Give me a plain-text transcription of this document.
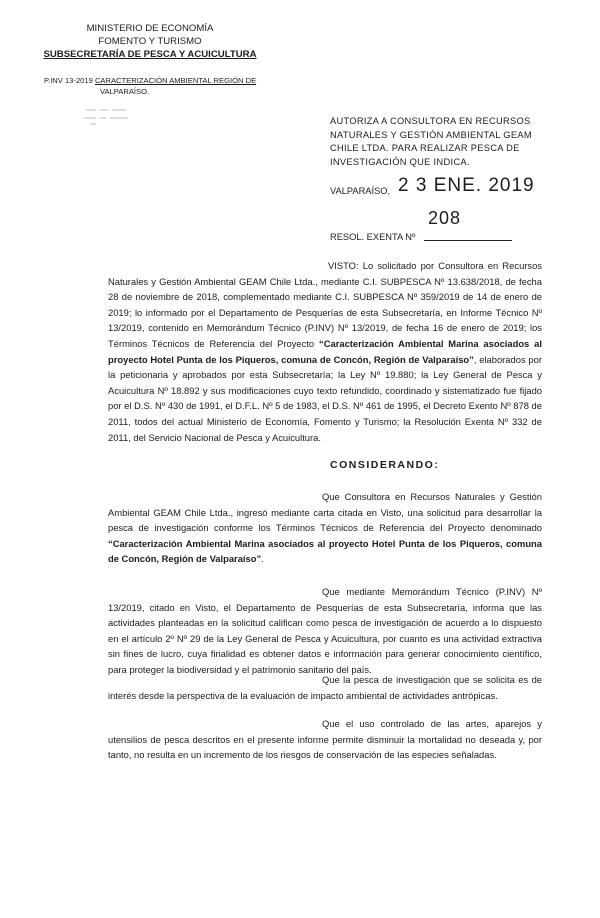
MINISTERIO DE ECONOMÍA
FOMENTO Y TURISMO
SUBSECRETARÍA DE PESCA Y ACUICULTURA
P.INV 13-2019 CARACTERIZACIÓN AMBIENTAL REGIÓN DE
VALPARAÍSO.
AUTORIZA A CONSULTORA EN RECURSOS NATURALES Y GESTIÓN AMBIENTAL GEAM CHILE LTDA. PARA REALIZAR PESCA DE INVESTIGACIÓN QUE INDICA.
VALPARAÍSO, 2 3 ENE. 2019
208
RESOL. EXENTA Nº
VISTO: Lo solicitado por Consultora en Recursos Naturales y Gestión Ambiental GEAM Chile Ltda., mediante C.I. SUBPESCA Nº 13.638/2018, de fecha 28 de noviembre de 2018, complementado mediante C.I. SUBPESCA Nº 359/2019 de 14 de enero de 2019; lo informado por el Departamento de Pesquerías de esta Subsecretaría, en Informe Técnico Nº 13/2019, contenido en Memorándum Técnico (P.INV) Nº 13/2019, de fecha 16 de enero de 2019; los Términos Técnicos de Referencia del Proyecto “Caracterización Ambiental Marina asociados al proyecto Hotel Punta de los Piqueros, comuna de Concón, Región de Valparaíso”, elaborados por la peticionaria y aprobados por esta Subsecretaría; la Ley Nº 19.880; la Ley General de Pesca y Acuicultura Nº 18.892 y sus modificaciones cuyo texto refundido, coordinado y sistematizado fue fijado por el D.S. Nº 430 de 1991, el D.F.L. Nº 5 de 1983, el D.S. Nº 461 de 1995, el Decreto Exento Nº 878 de 2011, todos del actual Ministerio de Economía, Fomento y Turismo; la Resolución Exenta Nº 332 de 2011, del Servicio Nacional de Pesca y Acuicultura.
CONSIDERANDO:
Que Consultora en Recursos Naturales y Gestión Ambiental GEAM Chile Ltda., ingresó mediante carta citada en Visto, una solicitud para desarrollar la pesca de investigación conforme los Términos Técnicos de Referencia del Proyecto denominado “Caracterización Ambiental Marina asociados al proyecto Hotel Punta de los Piqueros, comuna de Concón, Región de Valparaíso”.
Que mediante Memorándum Técnico (P.INV) Nº 13/2019, citado en Visto, el Departamento de Pesquerías de esta Subsecretaría, informa que las actividades planteadas en la solicitud califican como pesca de investigación de acuerdo a lo dispuesto en el artículo 2º Nº 29 de la Ley General de Pesca y Acuicultura, por cuanto es una actividad extractiva sin fines de lucro, cuya finalidad es obtener datos e información para generar conocimiento científico, para proteger la biodiversidad y el patrimonio sanitario del país.
Que la pesca de investigación que se solicita es de interés desde la perspectiva de la evaluación de impacto ambiental de actividades antrópicas.
Que el uso controlado de las artes, aparejos y utensilios de pesca descritos en el presente informe permite disminuir la mortalidad no deseada y, por tanto, no resulta en un incremento de los riesgos de conservación de las especies señaladas.
